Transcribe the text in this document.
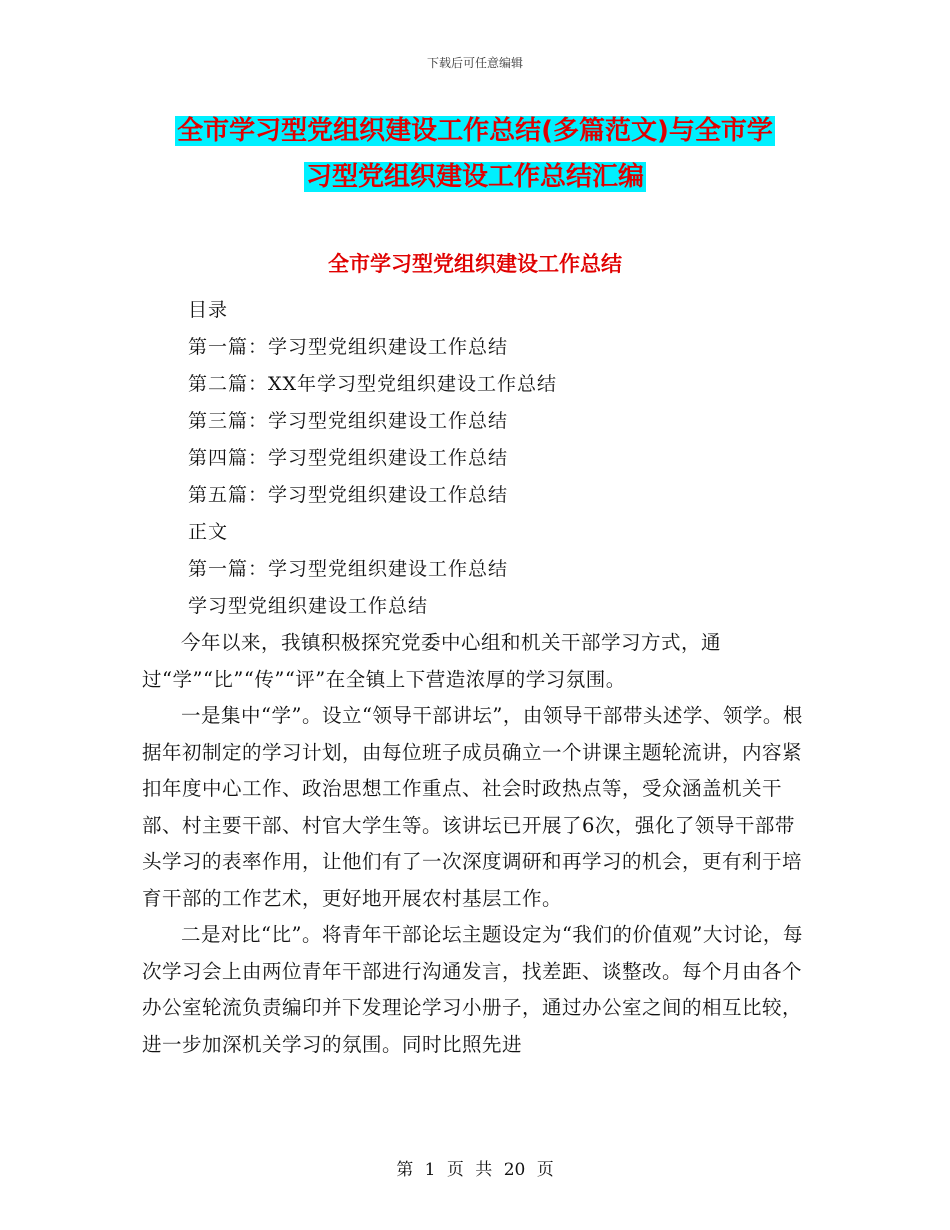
下载后可任意编辑
全市学习型党组织建设工作总结(多篇范文)与全市学
习型党组织建设工作总结汇编
全市学习型党组织建设工作总结
目录
第一篇：学习型党组织建设工作总结
第二篇：XX年学习型党组织建设工作总结
第三篇：学习型党组织建设工作总结
第四篇：学习型党组织建设工作总结
第五篇：学习型党组织建设工作总结
正文
第一篇：学习型党组织建设工作总结
学习型党组织建设工作总结

今年以来，我镇积极探究党委中心组和机关干部学习方式，通过“学”“比”“传”“评”在全镇上下营造浓厚的学习氛围。

一是集中“学”。设立“领导干部讲坛”，由领导干部带头述学、领学。根据年初制定的学习计划，由每位班子成员确立一个讲课主题轮流讲，内容紧扣年度中心工作、政治思想工作重点、社会时政热点等，受众涵盖机关干部、村主要干部、村官大学生等。该讲坛已开展了6次，强化了领导干部带头学习的表率作用，让他们有了一次深度调研和再学习的机会，更有利于培育干部的工作艺术，更好地开展农村基层工作。

二是对比“比”。将青年干部论坛主题设定为“我们的价值观”大讨论，每次学习会上由两位青年干部进行沟通发言，找差距、谈整改。每个月由各个办公室轮流负责编印并下发理论学习小册子，通过办公室之间的相互比较，进一步加深机关学习的氛围。同时比照先进

第 1 页 共 20 页
